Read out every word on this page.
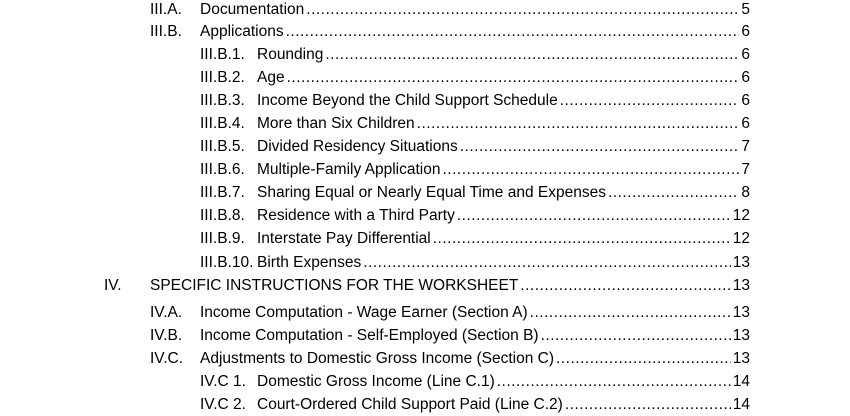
III.A.	Documentation .....	5
III.B.	Applications .....	6
III.B.1. Rounding .....	6
III.B.2. Age .....	6
III.B.3. Income Beyond the Child Support Schedule .....	6
III.B.4. More than Six Children .....	6
III.B.5. Divided Residency Situations .....	7
III.B.6. Multiple-Family Application .....	7
III.B.7. Sharing Equal or Nearly Equal Time and Expenses .....	8
III.B.8. Residence with a Third Party .....	12
III.B.9. Interstate Pay Differential .....	12
III.B.10. Birth Expenses .....	13
IV.	SPECIFIC INSTRUCTIONS FOR THE WORKSHEET .....	13
IV.A.	Income Computation - Wage Earner (Section A) .....	13
IV.B.	Income Computation - Self-Employed (Section B) .....	13
IV.C.	Adjustments to Domestic Gross Income (Section C) .....	13
IV.C 1. Domestic Gross Income (Line C.1) .....	14
IV.C 2. Court-Ordered Child Support Paid (Line C.2) .....	14
